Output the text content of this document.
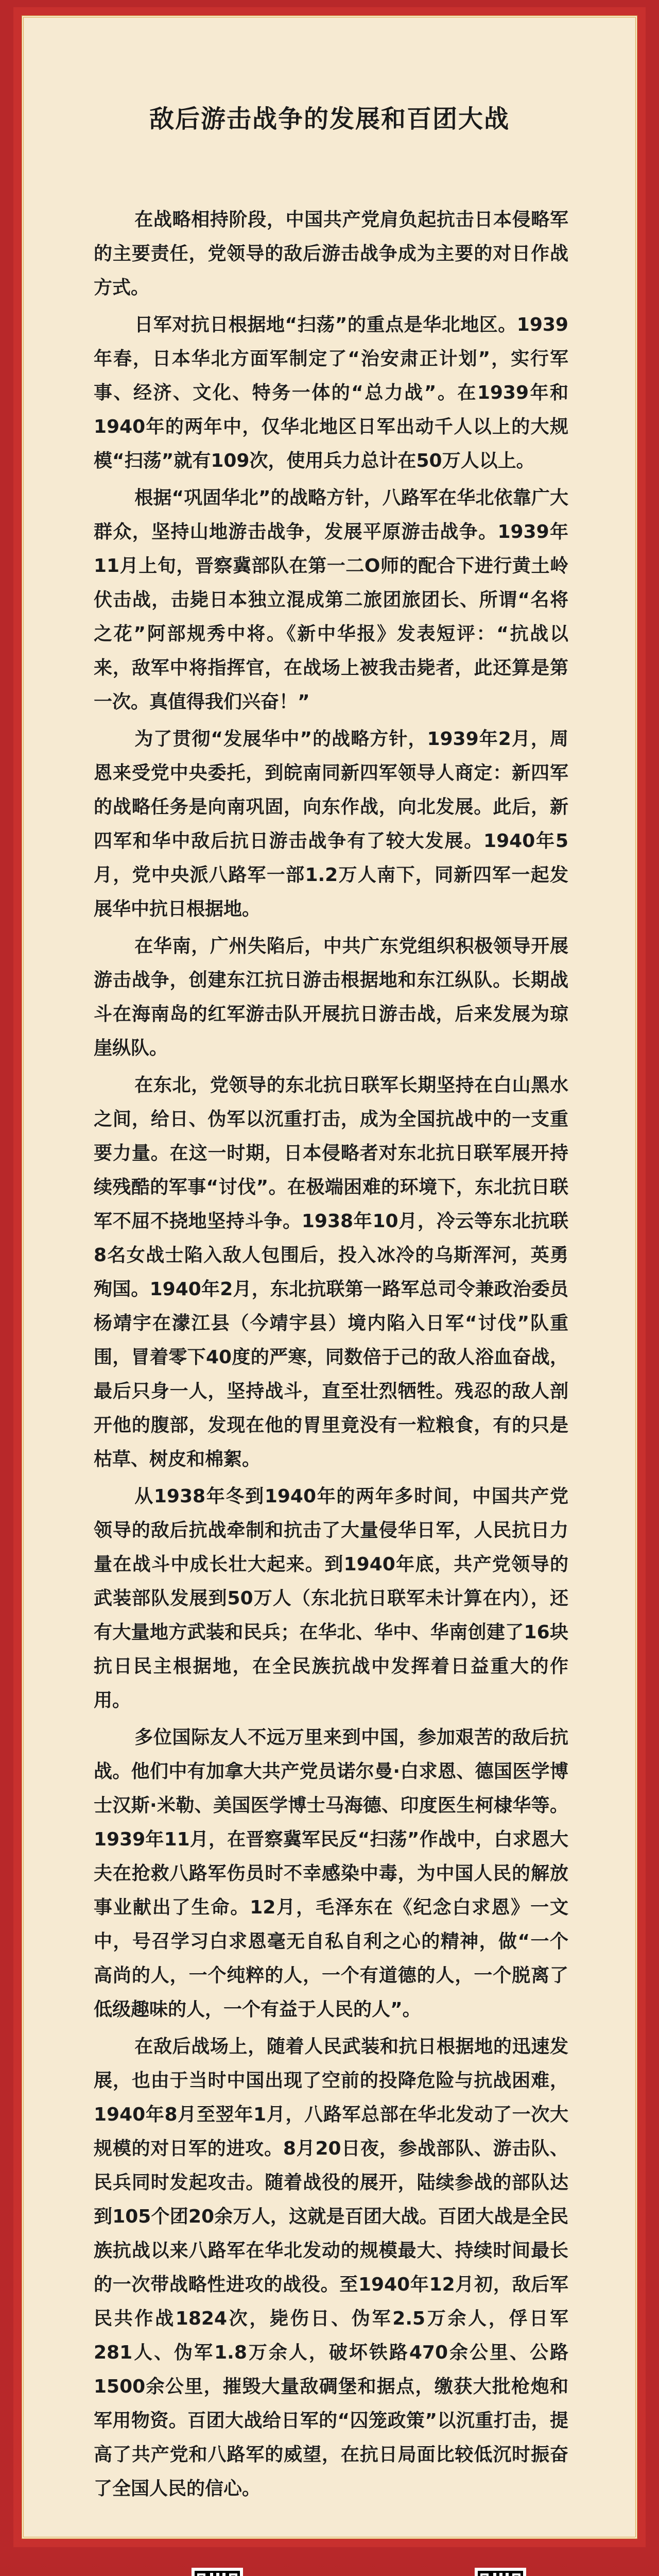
敌后游击战争的发展和百团大战

在战略相持阶段，中国共产党肩负起抗击日本侵略军的主要责任，党领导的敌后游击战争成为主要的对日作战方式。

日军对抗日根据地“扫荡”的重点是华北地区。1939年春，日本华北方面军制定了“治安肃正计划”，实行军事、经济、文化、特务一体的“总力战”。在1939年和1940年的两年中，仅华北地区日军出动千人以上的大规模“扫荡”就有109次，使用兵力总计在50万人以上。

根据“巩固华北”的战略方针，八路军在华北依靠广大群众，坚持山地游击战争，发展平原游击战争。1939年11月上旬，晋察冀部队在第一二O师的配合下进行黄土岭伏击战，击毙日本独立混成第二旅团旅团长、所谓“名将之花”阿部规秀中将。《新中华报》发表短评：“抗战以来，敌军中将指挥官，在战场上被我击毙者，此还算是第一次。真值得我们兴奋！”

为了贯彻“发展华中”的战略方针，1939年2月，周恩来受党中央委托，到皖南同新四军领导人商定：新四军的战略任务是向南巩固，向东作战，向北发展。此后，新四军和华中敌后抗日游击战争有了较大发展。1940年5月，党中央派八路军一部1.2万人南下，同新四军一起发展华中抗日根据地。

在华南，广州失陷后，中共广东党组织积极领导开展游击战争，创建东江抗日游击根据地和东江纵队。长期战斗在海南岛的红军游击队开展抗日游击战，后来发展为琼崖纵队。

在东北，党领导的东北抗日联军长期坚持在白山黑水之间，给日、伪军以沉重打击，成为全国抗战中的一支重要力量。在这一时期，日本侵略者对东北抗日联军展开持续残酷的军事“讨伐”。在极端困难的环境下，东北抗日联军不屈不挠地坚持斗争。1938年10月，冷云等东北抗联8名女战士陷入敌人包围后，投入冰冷的乌斯浑河，英勇殉国。1940年2月，东北抗联第一路军总司令兼政治委员杨靖宇在濛江县（今靖宇县）境内陷入日军“讨伐”队重围，冒着零下40度的严寒，同数倍于己的敌人浴血奋战，最后只身一人，坚持战斗，直至壮烈牺牲。残忍的敌人剖开他的腹部，发现在他的胃里竟没有一粒粮食，有的只是枯草、树皮和棉絮。

从1938年冬到1940年的两年多时间，中国共产党领导的敌后抗战牵制和抗击了大量侵华日军，人民抗日力量在战斗中成长壮大起来。到1940年底，共产党领导的武装部队发展到50万人（东北抗日联军未计算在内），还有大量地方武装和民兵；在华北、华中、华南创建了16块抗日民主根据地，在全民族抗战中发挥着日益重大的作用。

多位国际友人不远万里来到中国，参加艰苦的敌后抗战。他们中有加拿大共产党员诺尔曼·白求恩、德国医学博士汉斯·米勒、美国医学博士马海德、印度医生柯棣华等。1939年11月，在晋察冀军民反“扫荡”作战中，白求恩大夫在抢救八路军伤员时不幸感染中毒，为中国人民的解放事业献出了生命。12月，毛泽东在《纪念白求恩》一文中，号召学习白求恩毫无自私自利之心的精神，做“一个高尚的人，一个纯粹的人，一个有道德的人，一个脱离了低级趣味的人，一个有益于人民的人”。

在敌后战场上，随着人民武装和抗日根据地的迅速发展，也由于当时中国出现了空前的投降危险与抗战困难，1940年8月至翌年1月，八路军总部在华北发动了一次大规模的对日军的进攻。8月20日夜，参战部队、游击队、民兵同时发起攻击。随着战役的展开，陆续参战的部队达到105个团20余万人，这就是百团大战。百团大战是全民族抗战以来八路军在华北发动的规模最大、持续时间最长的一次带战略性进攻的战役。至1940年12月初，敌后军民共作战1824次，毙伤日、伪军2.5万余人，俘日军281人、伪军1.8万余人，破坏铁路470余公里、公路1500余公里，摧毁大量敌碉堡和据点，缴获大批枪炮和军用物资。百团大战给日军的“囚笼政策”以沉重打击，提高了共产党和八路军的威望，在抗日局面比较低沉时振奋了全国人民的信心。
